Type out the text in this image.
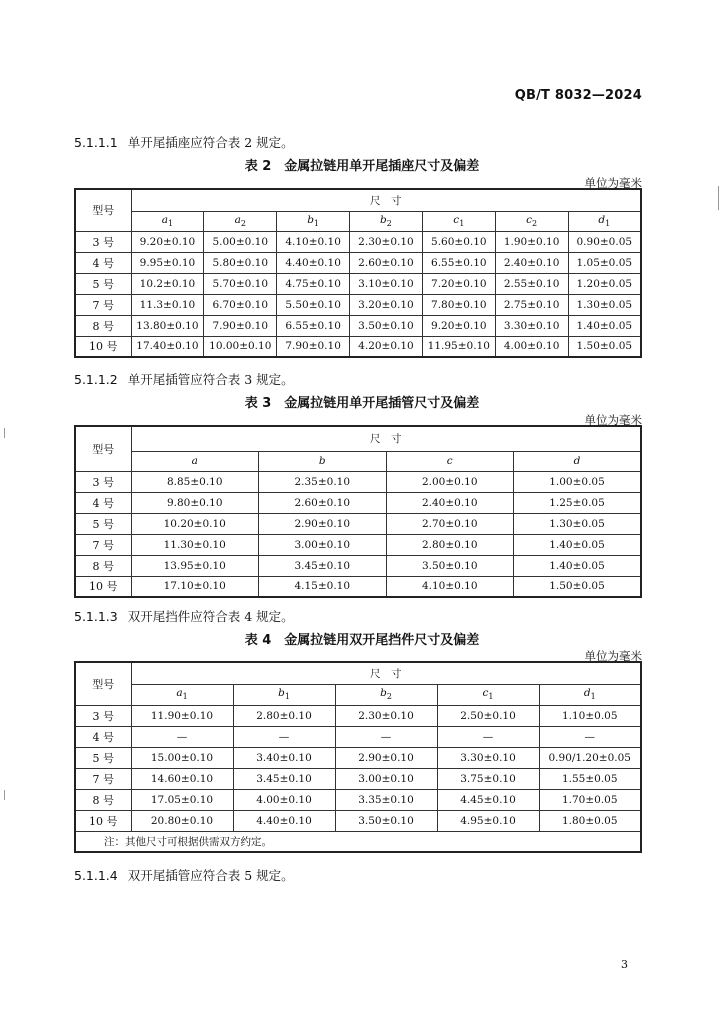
QB/T 8032—2024
5.1.1.1 单开尾插座应符合表 2 规定。
表 2　金属拉链用单开尾插座尺寸及偏差
单位为毫米
型号	尺　寸						
	$a_1$	$a_2$	$b_1$	$b_2$	$c_1$	$c_2$	$d_1$
3 号	9.20±0.10	5.00±0.10	4.10±0.10	2.30±0.10	5.60±0.10	1.90±0.10	0.90±0.05
4 号	9.95±0.10	5.80±0.10	4.40±0.10	2.60±0.10	6.55±0.10	2.40±0.10	1.05±0.05
5 号	10.2±0.10	5.70±0.10	4.75±0.10	3.10±0.10	7.20±0.10	2.55±0.10	1.20±0.05
7 号	11.3±0.10	6.70±0.10	5.50±0.10	3.20±0.10	7.80±0.10	2.75±0.10	1.30±0.05
8 号	13.80±0.10	7.90±0.10	6.55±0.10	3.50±0.10	9.20±0.10	3.30±0.10	1.40±0.05
10 号	17.40±0.10	10.00±0.10	7.90±0.10	4.20±0.10	11.95±0.10	4.00±0.10	1.50±0.05
5.1.1.2 单开尾插管应符合表 3 规定。
表 3　金属拉链用单开尾插管尺寸及偏差
单位为毫米
型号	尺　寸			
	a	b	c	d
3 号	8.85±0.10	2.35±0.10	2.00±0.10	1.00±0.05
4 号	9.80±0.10	2.60±0.10	2.40±0.10	1.25±0.05
5 号	10.20±0.10	2.90±0.10	2.70±0.10	1.30±0.05
7 号	11.30±0.10	3.00±0.10	2.80±0.10	1.40±0.05
8 号	13.95±0.10	3.45±0.10	3.50±0.10	1.40±0.05
10 号	17.10±0.10	4.15±0.10	4.10±0.10	1.50±0.05
5.1.1.3 双开尾挡件应符合表 4 规定。
表 4　金属拉链用双开尾挡件尺寸及偏差
单位为毫米
型号	尺　寸				
	$a_1$	$b_1$	$b_2$	$c_1$	$d_1$
3 号	11.90±0.10	2.80±0.10	2.30±0.10	2.50±0.10	1.10±0.05
4 号	—	—	—	—	—
5 号	15.00±0.10	3.40±0.10	2.90±0.10	3.30±0.10	0.90/1.20±0.05
7 号	14.60±0.10	3.45±0.10	3.00±0.10	3.75±0.10	1.55±0.05
8 号	17.05±0.10	4.00±0.10	3.35±0.10	4.45±0.10	1.70±0.05
10 号	20.80±0.10	4.40±0.10	3.50±0.10	4.95±0.10	1.80±0.05
注：其他尺寸可根据供需双方约定。					
5.1.1.4 双开尾插管应符合表 5 规定。
3
